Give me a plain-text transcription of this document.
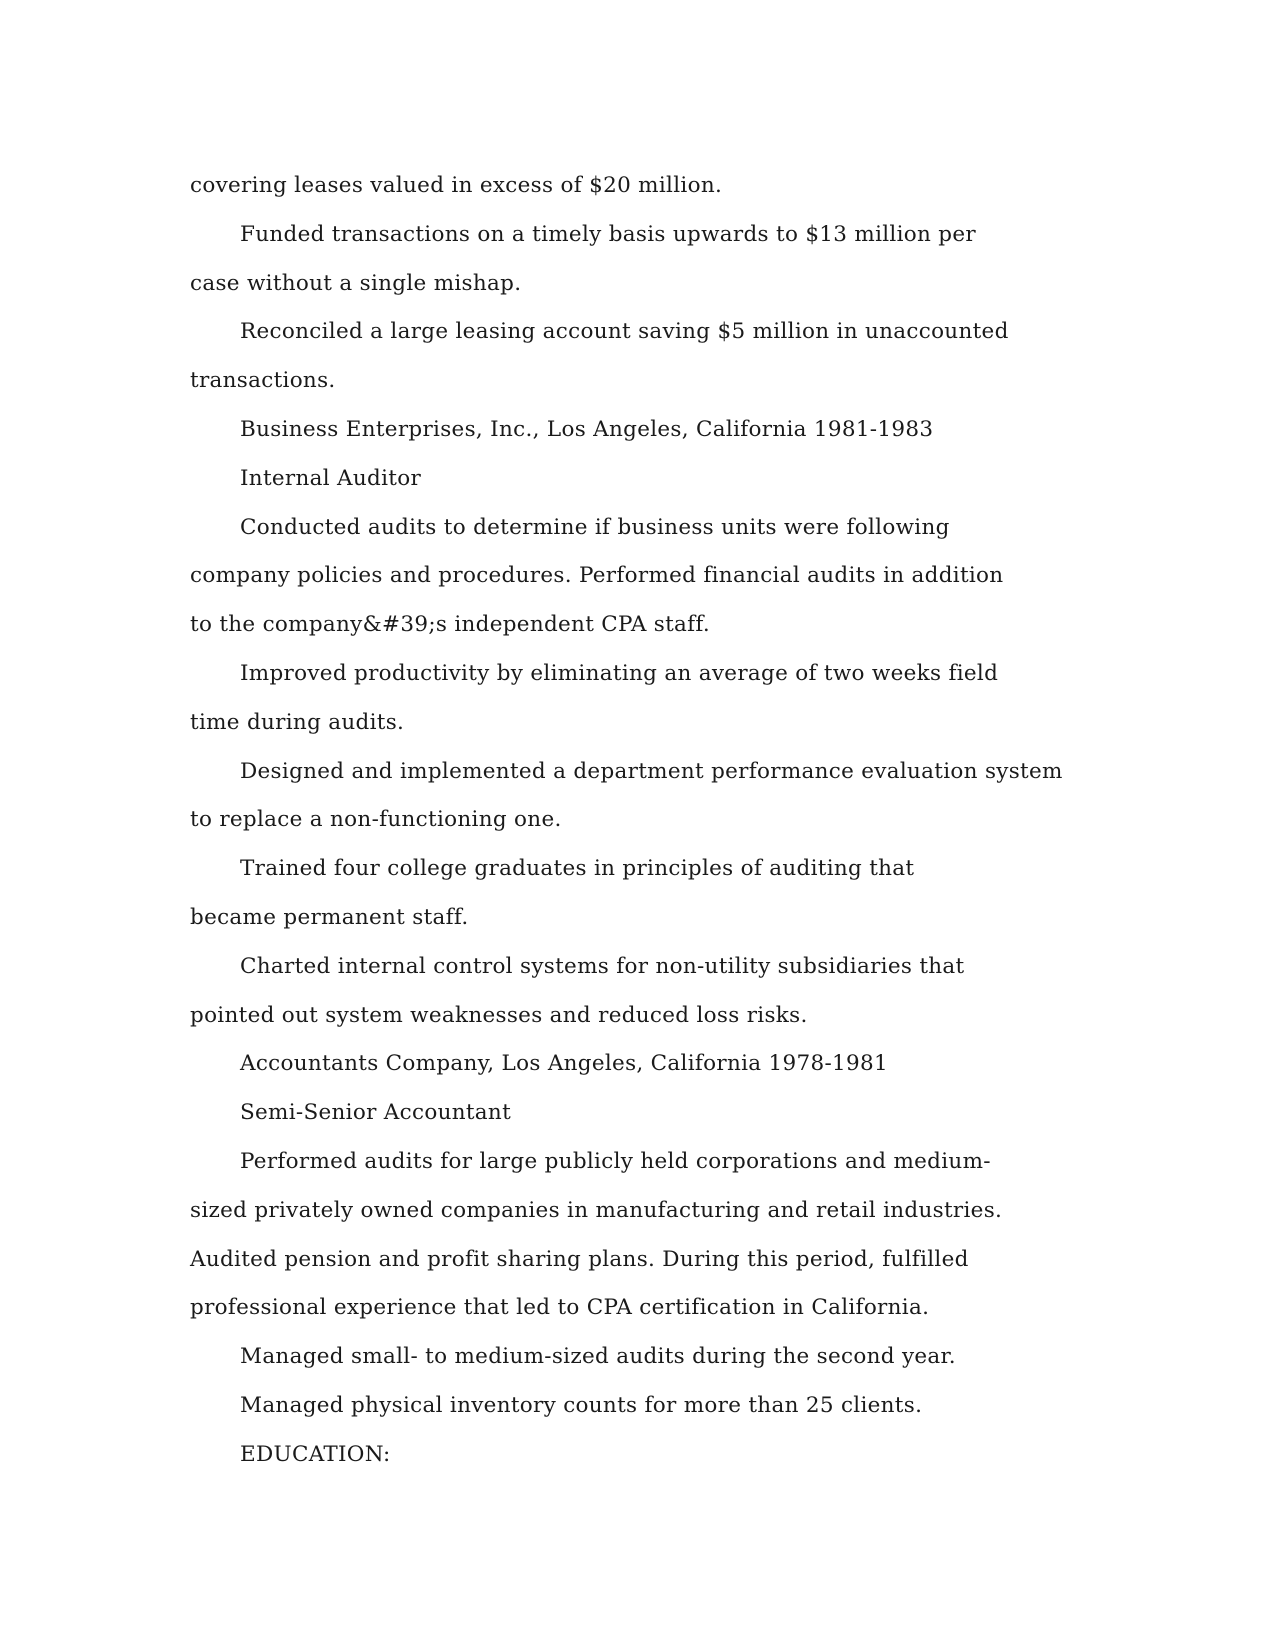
covering leases valued in excess of $20 million.
Funded transactions on a timely basis upwards to $13 million per
case without a single mishap.
Reconciled a large leasing account saving $5 million in unaccounted
transactions.
Business Enterprises, Inc., Los Angeles, California 1981-1983
Internal Auditor
Conducted audits to determine if business units were following
company policies and procedures. Performed financial audits in addition
to the company&#39;s independent CPA staff.
Improved productivity by eliminating an average of two weeks field
time during audits.
Designed and implemented a department performance evaluation system
to replace a non-functioning one.
Trained four college graduates in principles of auditing that
became permanent staff.
Charted internal control systems for non-utility subsidiaries that
pointed out system weaknesses and reduced loss risks.
Accountants Company, Los Angeles, California 1978-1981
Semi-Senior Accountant
Performed audits for large publicly held corporations and medium-
sized privately owned companies in manufacturing and retail industries.
Audited pension and profit sharing plans. During this period, fulfilled
professional experience that led to CPA certification in California.
Managed small- to medium-sized audits during the second year.
Managed physical inventory counts for more than 25 clients.
EDUCATION:
